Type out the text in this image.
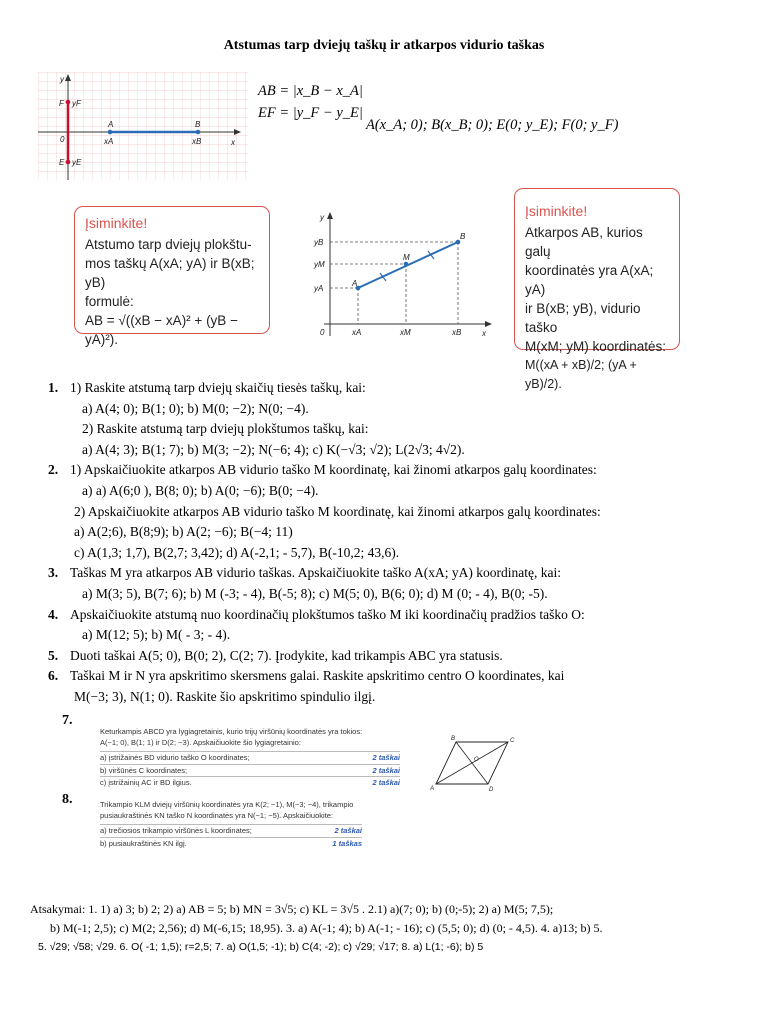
Atstumas tarp dviejų taškų ir atkarpos vidurio taškas
y
x
0
A	B
F
E
xA	xB
yF
yE
AB = |x_B − x_A|
EF = |y_F − y_E|
A(x_A; 0); B(x_B; 0); E(0; y_E); F(0; y_F)
Įsiminkite!
Atstumo tarp dviejų plokštu-
mos taškų A(xA; yA) ir B(xB; yB)
formulė:
AB = √((xB − xA)² + (yB − yA)²).
y
x
0
A
M
B
xA	xM	xB
yA
yM
yB
Įsiminkite!
Atkarpos AB, kurios galų
koordinatės yra A(xA; yA)
ir B(xB; yB), vidurio taško
M(xM; yM) koordinatės:
M((xA + xB)/2; (yA + yB)/2).
1. 1) Raskite atstumą tarp dviejų skaičių tiesės taškų, kai:
a) A(4; 0); B(1; 0); b) M(0; −2); N(0; −4).
2) Raskite atstumą tarp dviejų plokštumos taškų, kai:
a) A(4; 3); B(1; 7); b) M(3; −2); N(−6; 4); c) K(−√3; √2); L(2√3; 4√2).
2. 1) Apskaičiuokite atkarpos AB vidurio taško M koordinatę, kai žinomi atkarpos galų koordinates:
a) a) A(6;0 ), B(8; 0); b) A(0; −6); B(0; −4).
2) Apskaičiuokite atkarpos AB vidurio taško M koordinatę, kai žinomi atkarpos galų koordinates:
a) A(2;6), B(8;9); b) A(2; −6); B(−4; 11)
c) A(1,3; 1,7), B(2,7; 3,42); d) A(-2,1; - 5,7), B(-10,2; 43,6).
3. Taškas M yra atkarpos AB vidurio taškas. Apskaičiuokite taško A(xA; yA) koordinatę, kai:
a) M(3; 5), B(7; 6); b) M (-3; - 4), B(-5; 8); c) M(5; 0), B(6; 0); d) M (0; - 4), B(0; -5).
4. Apskaičiuokite atstumą nuo koordinačių plokštumos taško M iki koordinačių pradžios taško O:
a) M(12; 5); b) M( - 3; - 4).
5. Duoti taškai A(5; 0), B(0; 2), C(2; 7). Įrodykite, kad trikampis ABC yra statusis.
6. Taškai M ir N yra apskritimo skersmens galai. Raskite apskritimo centro O koordinates, kai
M(−3; 3), N(1; 0). Raskite šio apskritimo spindulio ilgį.
7.
Keturkampis ABCD yra lygiagretainis, kurio trijų viršūnių koordinatės yra tokios:
A(−1; 0), B(1; 1) ir D(2; −3). Apskaičiuokite šio lygiagretainio:
a) įstrižainės BD vidurio taško O koordinates;	2 taškai
b) viršūnės C koordinates;	2 taškai
c) įstrižainių AC ir BD ilgius.	2 taškai
A
B	C
D
O
8.	Trikampio KLM dviejų viršūnių koordinatės yra K(2; −1), M(−3; −4), trikampio
pusiaukraštinės KN taško N koordinatės yra N(−1; −5). Apskaičiuokite:
a) trečiosios trikampio viršūnės L koordinates;	2 taškai
b) pusiaukraštinės KN ilgį.	1 taškas
Atsakymai: 1. 1) a) 3; b) 2; 2) a) AB = 5; b) MN = 3√5; c) KL = 3√5 . 2.1) a)(7; 0); b) (0;-5); 2) a) M(5; 7,5);
b) M(-1; 2,5); c) M(2; 2,56); d) M(-6,15; 18,95). 3. a) A(-1; 4); b) A(-1; - 16); c) (5,5; 0); d) (0; - 4,5). 4. a)13; b) 5.
5. √29; √58; √29. 6. O( -1; 1,5); r=2,5; 7. a) O(1,5; -1); b) C(4; -2); c) √29; √17; 8. a) L(1; -6); b) 5
